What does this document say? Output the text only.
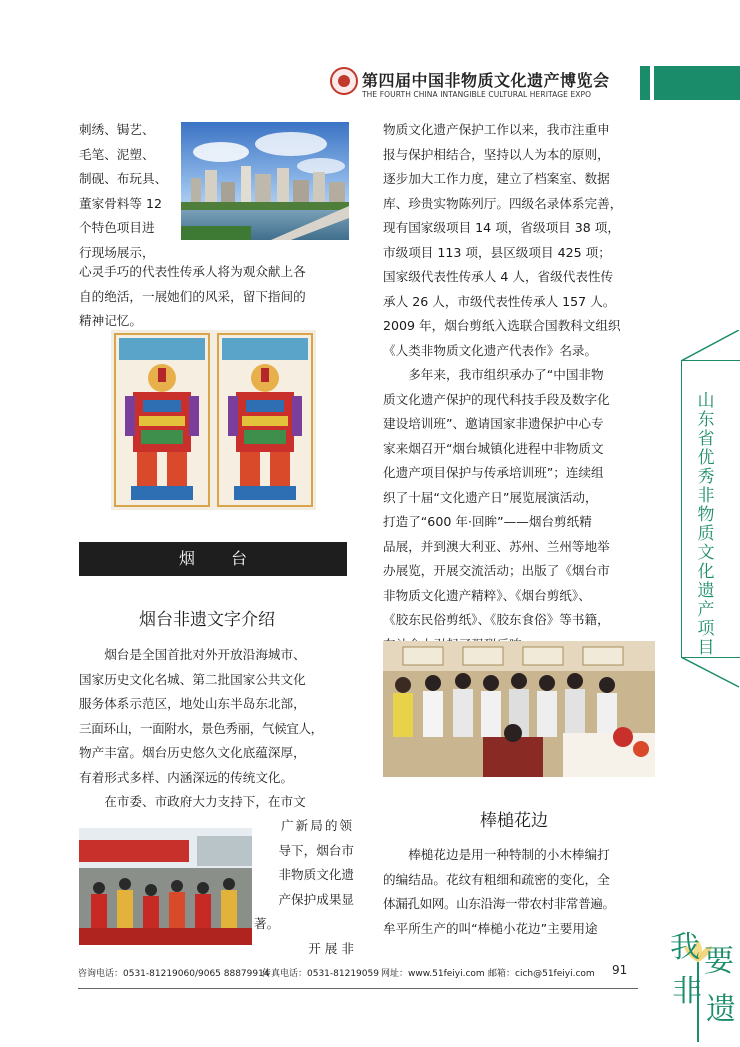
第四届中国非物质文化遗产博览会
THE FOURTH CHINA INTANGIBLE CULTURAL HERITAGE EXPO

刺绣、锔艺、

毛笔、泥塑、

制砚、布玩具、

董家骨料等 12

个特色项目进

行现场展示，

心灵手巧的代表性传承人将为观众献上各

自的绝活，一展她们的风采，留下指间的

精神记忆。

烟台
烟台非遗文字介绍

烟台是全国首批对外开放沿海城市、

国家历史文化名城、第二批国家公共文化

服务体系示范区，地处山东半岛东北部，

三面环山，一面附水，景色秀丽，气候宜人，

物产丰富。烟台历史悠久文化底蕴深厚，

有着形式多样、内涵深远的传统文化。

在市委、市政府大力支持下，在市文

广新局的领

导下，烟台市

非物质文化遗

产保护成果显

著。

开 展 非

物质文化遗产保护工作以来，我市注重申

报与保护相结合，坚持以人为本的原则，

逐步加大工作力度，建立了档案室、数据

库、珍贵实物陈列厅。四级名录体系完善，

现有国家级项目 14 项，省级项目 38 项，

市级项目 113 项，县区级项目 425 项；

国家级代表性传承人 4 人，省级代表性传

承人 26 人，市级代表性传承人 157 人。

2009 年，烟台剪纸入选联合国教科文组织

《人类非物质文化遗产代表作》名录。

多年来，我市组织承办了“中国非物

质文化遗产保护的现代科技手段及数字化

建设培训班”、邀请国家非遗保护中心专

家来烟召开“烟台城镇化进程中非物质文

化遗产项目保护与传承培训班”；连续组

织了十届“文化遗产日”展览展演活动，

打造了“600 年·回眸”——烟台剪纸精

品展，并到澳大利亚、苏州、兰州等地举

办展览，开展交流活动；出版了《烟台市

非物质文化遗产精粹》、《烟台剪纸》、

《胶东民俗剪纸》、《胶东食俗》等书籍，

棒槌花边

棒槌花边是用一种特制的小木棒编打

的编结品。花纹有粗细和疏密的变化，全

体漏孔如网。山东沿海一带农村非常普遍。

牟平所生产的叫“棒槌小花边”主要用途

山东省优秀非物质文化遗产项目
咨询电话：0531-81219060/9065 88879914
传真电话：0531-81219059 网址：www.51feiyi.com 邮箱：cich@51feiyi.com 91
我 要
非
遗
